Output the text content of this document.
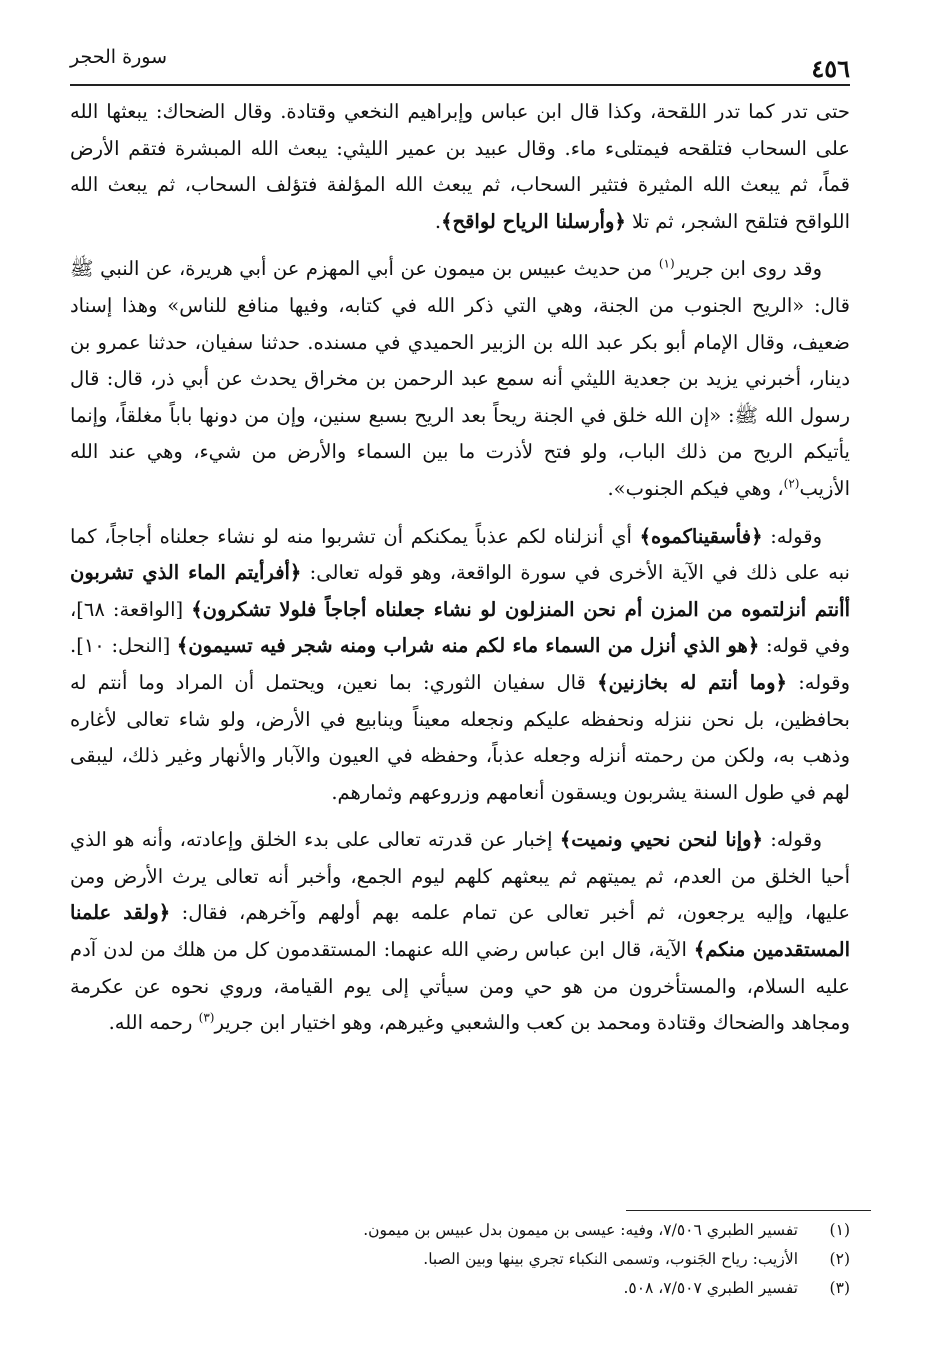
سورة الحجر	٤٥٦

حتى تدر كما تدر اللقحة، وكذا قال ابن عباس وإبراهيم النخعي وقتادة. وقال الضحاك: يبعثها الله على السحاب فتلقحه فيمتلىء ماء. وقال عبيد بن عمير الليثي: يبعث الله المبشرة فتقم الأرض قماً، ثم يبعث الله المثيرة فتثير السحاب، ثم يبعث الله المؤلفة فتؤلف السحاب، ثم يبعث الله اللواقح فتلقح الشجر، ثم تلا ﴿وأرسلنا الرياح لواقح﴾.

وقد روى ابن جرير$^{(١)}$ من حديث عبيس بن ميمون عن أبي المهزم عن أبي هريرة، عن النبي ﷺ قال: «الريح الجنوب من الجنة، وهي التي ذكر الله في كتابه، وفيها منافع للناس» وهذا إسناد ضعيف، وقال الإمام أبو بكر عبد الله بن الزبير الحميدي في مسنده. حدثنا سفيان، حدثنا عمرو بن دينار، أخبرني يزيد بن جعدية الليثي أنه سمع عبد الرحمن بن مخراق يحدث عن أبي ذر، قال: قال رسول الله ﷺ: «إن الله خلق في الجنة ريحاً بعد الريح بسبع سنين، وإن من دونها باباً مغلقاً، وإنما يأتيكم الريح من ذلك الباب، ولو فتح لأذرت ما بين السماء والأرض من شيء، وهي عند الله الأزيب$^{(٢)}$، وهي فيكم الجنوب».

وقوله: ﴿فأسقيناكموه﴾ أي أنزلناه لكم عذباً يمكنكم أن تشربوا منه لو نشاء جعلناه أجاجاً، كما نبه على ذلك في الآية الأخرى في سورة الواقعة، وهو قوله تعالى: ﴿أفرأيتم الماء الذي تشربون أأنتم أنزلتموه من المزن أم نحن المنزلون لو نشاء جعلناه أجاجاً فلولا تشكرون﴾ [الواقعة: ٦٨]، وفي قوله: ﴿هو الذي أنزل من السماء ماء لكم منه شراب ومنه شجر فيه تسيمون﴾ [النحل: ١٠]. وقوله: ﴿وما أنتم له بخازنين﴾ قال سفيان الثوري: بما نعين، ويحتمل أن المراد وما أنتم له بحافظين، بل نحن ننزله ونحفظه عليكم ونجعله معيناً وينابيع في الأرض، ولو شاء تعالى لأغاره وذهب به، ولكن من رحمته أنزله وجعله عذباً، وحفظه في العيون والآبار والأنهار وغير ذلك، ليبقى لهم في طول السنة يشربون ويسقون أنعامهم وزروعهم وثمارهم.

وقوله: ﴿وإنا لنحن نحيي ونميت﴾ إخبار عن قدرته تعالى على بدء الخلق وإعادته، وأنه هو الذي أحيا الخلق من العدم، ثم يميتهم ثم يبعثهم كلهم ليوم الجمع، وأخبر أنه تعالى يرث الأرض ومن عليها، وإليه يرجعون، ثم أخبر تعالى عن تمام علمه بهم أولهم وآخرهم، فقال: ﴿ولقد علمنا المستقدمين منكم﴾ الآية، قال ابن عباس رضي الله عنهما: المستقدمون كل من هلك من لدن آدم عليه السلام، والمستأخرون من هو حي ومن سيأتي إلى يوم القيامة، وروي نحوه عن عكرمة ومجاهد والضحاك وقتادة ومحمد بن كعب والشعبي وغيرهم، وهو اختيار ابن جرير$^{(٣)}$ رحمه الله.

(١)
تفسير الطبري ٧/٥٠٦، وفيه: عيسى بن ميمون بدل عبيس بن ميمون.
(٢)
الأزيب: رياح الجَنوب، وتسمى النكباء تجري بينها وبين الصبا.
(٣)
تفسير الطبري ٧/٥٠٧، ٥٠٨.
